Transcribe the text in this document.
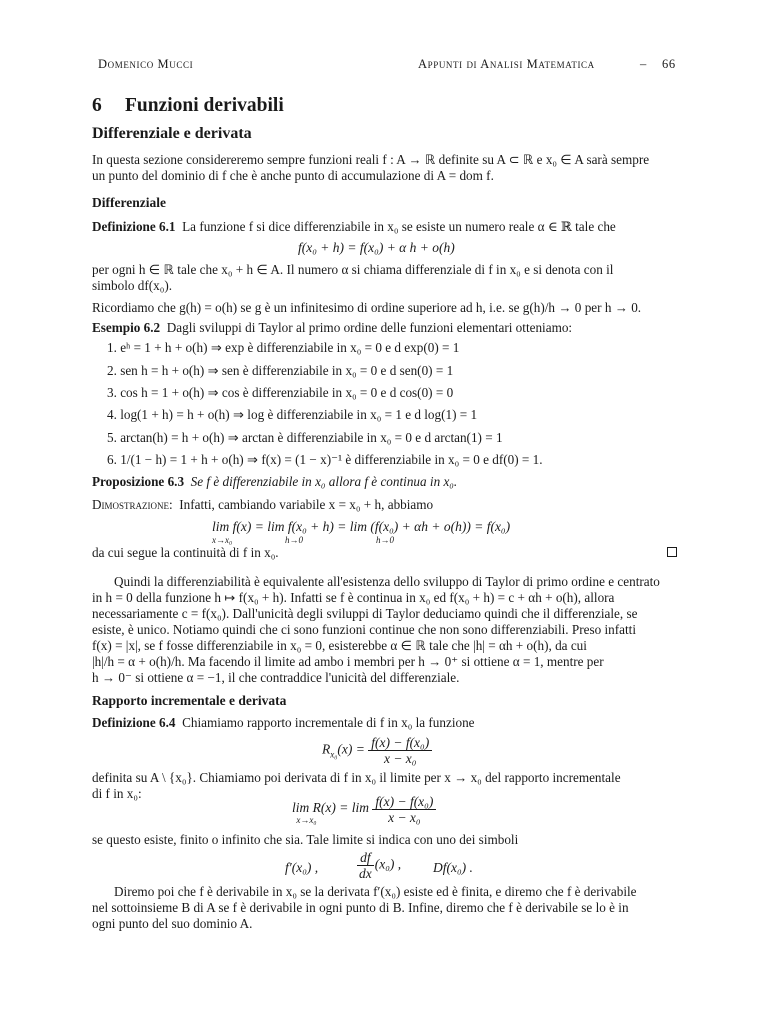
Domenico Mucci	Appunti di Analisi Matematica	– 66
6 Funzioni derivabili
Differenziale e derivata
In questa sezione considereremo sempre funzioni reali f : A → ℝ definite su A ⊂ ℝ e x₀ ∈ A sarà sempre
un punto del dominio di f che è anche punto di accumulazione di A = dom f.
Differenziale
Definizione 6.1 La funzione f si dice differenziabile in x₀ se esiste un numero reale α ∈ ℝ tale che
f(x₀ + h) = f(x₀) + α h + o(h)
per ogni h ∈ ℝ tale che x₀ + h ∈ A. Il numero α si chiama differenziale di f in x₀ e si denota con il
simbolo df(x₀).
Ricordiamo che g(h) = o(h) se g è un infinitesimo di ordine superiore ad h, i.e. se g(h)/h → 0 per h → 0.
Esempio 6.2 Dagli sviluppi di Taylor al primo ordine delle funzioni elementari otteniamo:
1. eʰ = 1 + h + o(h) ⇒ exp è differenziabile in x₀ = 0 e d exp(0) = 1
2. sen h = h + o(h) ⇒ sen è differenziabile in x₀ = 0 e d sen(0) = 1
3. cos h = 1 + o(h) ⇒ cos è differenziabile in x₀ = 0 e d cos(0) = 0
4. log(1 + h) = h + o(h) ⇒ log è differenziabile in x₀ = 1 e d log(1) = 1
5. arctan(h) = h + o(h) ⇒ arctan è differenziabile in x₀ = 0 e d arctan(1) = 1
6. 1/(1 − h) = 1 + h + o(h) ⇒ f(x) = (1 − x)⁻¹ è differenziabile in x₀ = 0 e df(0) = 1.
Proposizione 6.3 Se f è differenziabile in x₀ allora f è continua in x₀.
Dimostrazione: Infatti, cambiando variabile x = x₀ + h, abbiamo
lim f(x) = lim f(x₀ + h) = lim (f(x₀) + αh + o(h)) = f(x₀)
x→x₀	h→0	h→0
da cui segue la continuità di f in x₀.
Quindi la differenziabilità è equivalente all'esistenza dello sviluppo di Taylor di primo ordine e centrato
in h = 0 della funzione h ↦ f(x₀ + h). Infatti se f è continua in x₀ ed f(x₀ + h) = c + αh + o(h), allora
necessariamente c = f(x₀). Dall'unicità degli sviluppi di Taylor deduciamo quindi che il differenziale, se
esiste, è unico. Notiamo quindi che ci sono funzioni continue che non sono differenziabili. Preso infatti
f(x) = |x|, se f fosse differenziabile in x₀ = 0, esisterebbe α ∈ ℝ tale che |h| = αh + o(h), da cui
|h|/h = α + o(h)/h. Ma facendo il limite ad ambo i membri per h → 0⁺ si ottiene α = 1, mentre per
h → 0⁻ si ottiene α = −1, il che contraddice l'unicità del differenziale.
Rapporto incrementale e derivata
Definizione 6.4 Chiamiamo rapporto incrementale di f in x₀ la funzione
$R_{x_0}(x) = \frac{\text{f(x) − f(x₀)}}{\text{x − x₀}}$
definita su A \ {x₀}. Chiamiamo poi derivata di f in x₀ il limite per x → x₀ del rapporto incrementale
di f in x₀:
lim R
x→x₀
$(x) = \lim \frac{\text{f(x) − f(x₀)}}{\text{x − x₀}}$
se questo esiste, finito o infinito che sia. Tale limite si indica con uno dei simboli
f′(x₀) ,	$\frac{df}{dx} (x_0)$ , Df(x₀) .
Diremo poi che f è derivabile in x₀ se la derivata f′(x₀) esiste ed è finita, e diremo che f è derivabile
nel sottoinsieme B di A se f è derivabile in ogni punto di B. Infine, diremo che f è derivabile se lo è in
ogni punto del suo dominio A.
